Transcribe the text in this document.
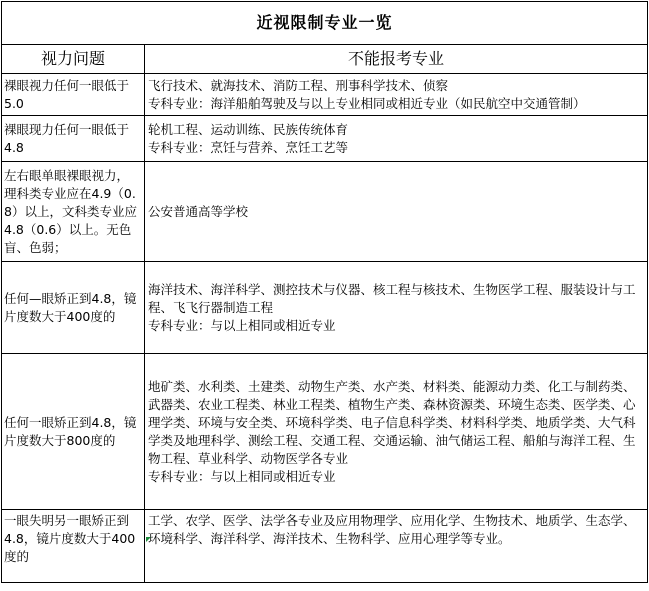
近视限制专业一览	
视力问题	不能报考专业
裸眼视力任何一眼低于5.0	飞行技术、就海技术、消防工程、刑事科学技术、侦察
专科专业：海洋船舶驾驶及与以上专业相同或相近专业（如民航空中交通管制）

裸眼现力任何一眼低于4.8	轮机工程、运动训练、民族传统体育
专科专业：烹饪与营养、烹饪工艺等

左右眼单眼裸眼视力，理科类专业应在4.9（0.8）以上，文科类专业应4.8（0.6）以上。无色盲、色弱；	公安普通高等学校

任何—眼矫正到4.8，镜片度数大于400度的	海洋技术、海洋科学、测控技术与仪器、核工程与核技术、生物医学工程、服装设计与工程、飞飞行器制造工程
专科专业：与以上相同或相近专业

任何一眼矫正到4.8，镜片度数大于800度的	地矿类、水利类、土建类、动物生产类、水产类、材料类、能源动力类、化工与制药类、武器类、农业工程类、林业工程类、植物生产类、森林资源类、环境生态类、医学类、心理学类、环境与安全类、环境科学类、电子信息科学类、材料科学类、地质学类、大气科学类及地理科学、测绘工程、交通工程、交通运输、油气储运工程、船舶与海洋工程、生物工程、草业科学、动物医学各专业
专科专业：与以上相同或相近专业

一眼失明另一眼矫正到4.8，镜片度数大于400度的	工学、农学、医学、法学各专业及应用物理学、应用化学、生物技术、地质学、生态学、环境科学、海洋科学、海洋技术、生物科学、应用心理学等专业。
